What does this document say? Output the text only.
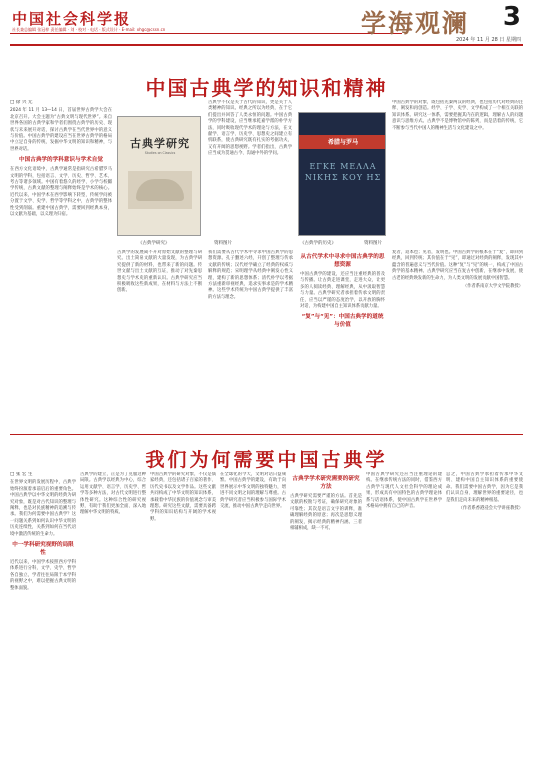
中国社会科学报
社长兼总编辑 张冠梓 责任编辑 · 刘 · 校对 · 电话 · 版式设计 · E-mail: xhgc@cssn.cn	学海观澜 3
2024 年 11 月 28 日 星期四
中国古典学的知识和精神
□ 徐 兴 无
2024 年 11 月 13—14 日，首届世界古典学大会在北京召开。大会主题为“古典文明与现代世界”。来自世界各国的古典学家和学者们围绕古典学的历史、现状与未来展开对话，探讨古典学在当代世界中的意义与价值。中国古典学的建设应当在世界古典学的格局中立足自身的传统，发掘中华文明的知识和精神，与世界对话。
中国古典学的学科意识与学术自觉
在西方文化语境中，古典学通常是指研究古希腊罗马文明的学科，包括语言、文学、历史、哲学、艺术、考古等诸多领域。中国有着悠久的经学、小学与校雠学传统，古典文献的整理与阐释始终是学术的核心。近代以来，中国学术在西学影响下转型，传统学问被分置于文学、史学、哲学等学科之中，古典学的整体性受到削弱。重建中国古典学，需要回到经典本身，以文献为基础，以义理为归宿。
古典学研究
Studies on Classics
《古典学研究》	资料图片
古典学不仅是关于古代的知识，更是关于人类精神的知识。经典之所以为经典，在于它们提出并回答了人类永恒的问题。中国古典学的学科建设，应当继承乾嘉学派的朴学方法，同时吸收现代学术的理论与方法，在文献学、语言学、历史学、思想史之间建立有机联系，使古典研究既有扎实的考据功夫，又有开阔的思想视野。学者们指出，古典学应当成为贯通古今、沟通中外的学问。
希腊与罗马
ΕΓΚΕ ΜΕΛΛΑ ΝΙΚΗΣ ΚΟΥ ΗΣ
《古典学的历史》	资料图片
中国古典学的对象，既包括先秦两汉的经典，也包括历代对经典的注释、阐发和再创造。经学、子学、史学、文学构成了一个相互关联的知识体系。研究这一体系，需要把握其内在的逻辑，理解古人的问题意识与思维方式。古典学不是博物馆中的陈列，而是活着的传统，它不断参与当代中国人的精神生活与文化建设之中。
古典学的发展离不开对原始文献的整理与研究。出土简帛文献的大量发现，为古典学研究提供了新的材料，也带来了新的问题。传世文献与出土文献的互证，推动了对先秦思想史与学术史的重新认识。古典学研究应当积极吸收这些新成果，在材料与方法上不断创新。
我们需要从古代学术中寻求中国古典学的思想资源。孔子删述六经，开创了整理与传承文献的传统；汉代经学确立了经典的权威与解释的规范；宋明理学从经典中阐发心性义理，建构了新的思想体系；清代朴学以考据方法重新审视经典，追求实事求是的学术精神。这些学术传统为中国古典学提供了丰富的方法与理念。
从古代学术中寻求中国古典学的思想资源
中国古典学的建设，还应当注重经典的普及与传播。让古典走进课堂，走进大众，让更多的人阅读经典、理解经典，从中汲取智慧与力量。古典学研究者承担着传承文明的责任，应当以严谨的态度治学，以开放的胸怀对话，为构建中国自主知识体系贡献力量。
“复”与“见”：中国古典学的道统与价值
复者，返本也；见者，发明也。中国古典学的根本在于“复”，即回到经典，回到传统；其价值在于“见”，即通过对经典的阐释，发现其中蕴含的普遍意义与当代价值。这种“复”与“见”的统一，构成了中国古典学的基本精神。古典学研究应当在复古中创新，在继承中发展，使古老的经典焕发新的生命力，为人类文明的发展贡献中国智慧。
（作者系南京大学文学院教授）
我们为何需要中国古典学
□ 张 宏 生
在世界文明的发展历程中，古典学始终扮演着承前启后的重要角色。中国古典学以中华文明的经典为研究对象，既是对古代知识的整理与阐释，也是对民族精神的追溯与传承。我们为何需要中国古典学？这一问题关系到如何认识中华文明的历史连续性，关系到如何在当代语境中激活传统的生命力。
中一学科研究视野的局限性
近代以来，中国学术按照西方学科体系进行分科，文学、史学、哲学各自独立，学者往往局限于本学科的视野之中，难以把握古典文明的整体面貌。
古典学的建立，正是为了克服这种局限。古典学以经典为中心，综合运用文献学、语言学、历史学、哲学等多种方法，对古代文明进行整体性研究。这种综合性的研究视野，有助于我们更加全面、深入地理解中华文明的特质。
中国古典学的研究对象，不仅是儒家经典，还包括诸子百家的著作、历代史书以及文学作品。这些文献共同构成了中华文明的知识体系，承载着中华民族的价值观念与审美理想。研究这些文献，需要具备跨学科的知识结构与开阔的学术视野。
在全球化的今天，文明对话日益频繁。中国古典学的建设，有助于向世界展示中华文明的独特魅力，增进不同文明之间的理解与尊重。古典学研究者应当积极参与国际学术交流，推动中国古典学走向世界。
古典学学术研究需要的研究方法
古典学研究需要严谨的方法。首先是文献的校勘与考证，确保研究对象的可靠性；其次是语言文字的训释，准确理解经典的原意；再次是思想义理的阐发，揭示经典的精神内涵。三者相辅相成，缺一不可。
中国古典学研究还应当注重理论的建构。在继承传统方法的同时，借鉴西方古典学与现代人文社会科学的理论成果，形成具有中国特色的古典学理论体系与话语体系，使中国古典学在世界学术格局中拥有自己的声音。
总之，中国古典学承担着传承中华文明、建构中国自主知识体系的重要使命。我们需要中国古典学，因为它是我们认识自身、理解世界的重要途径，也是我们走向未来的精神根基。
（作者系香港浸会大学讲座教授）
